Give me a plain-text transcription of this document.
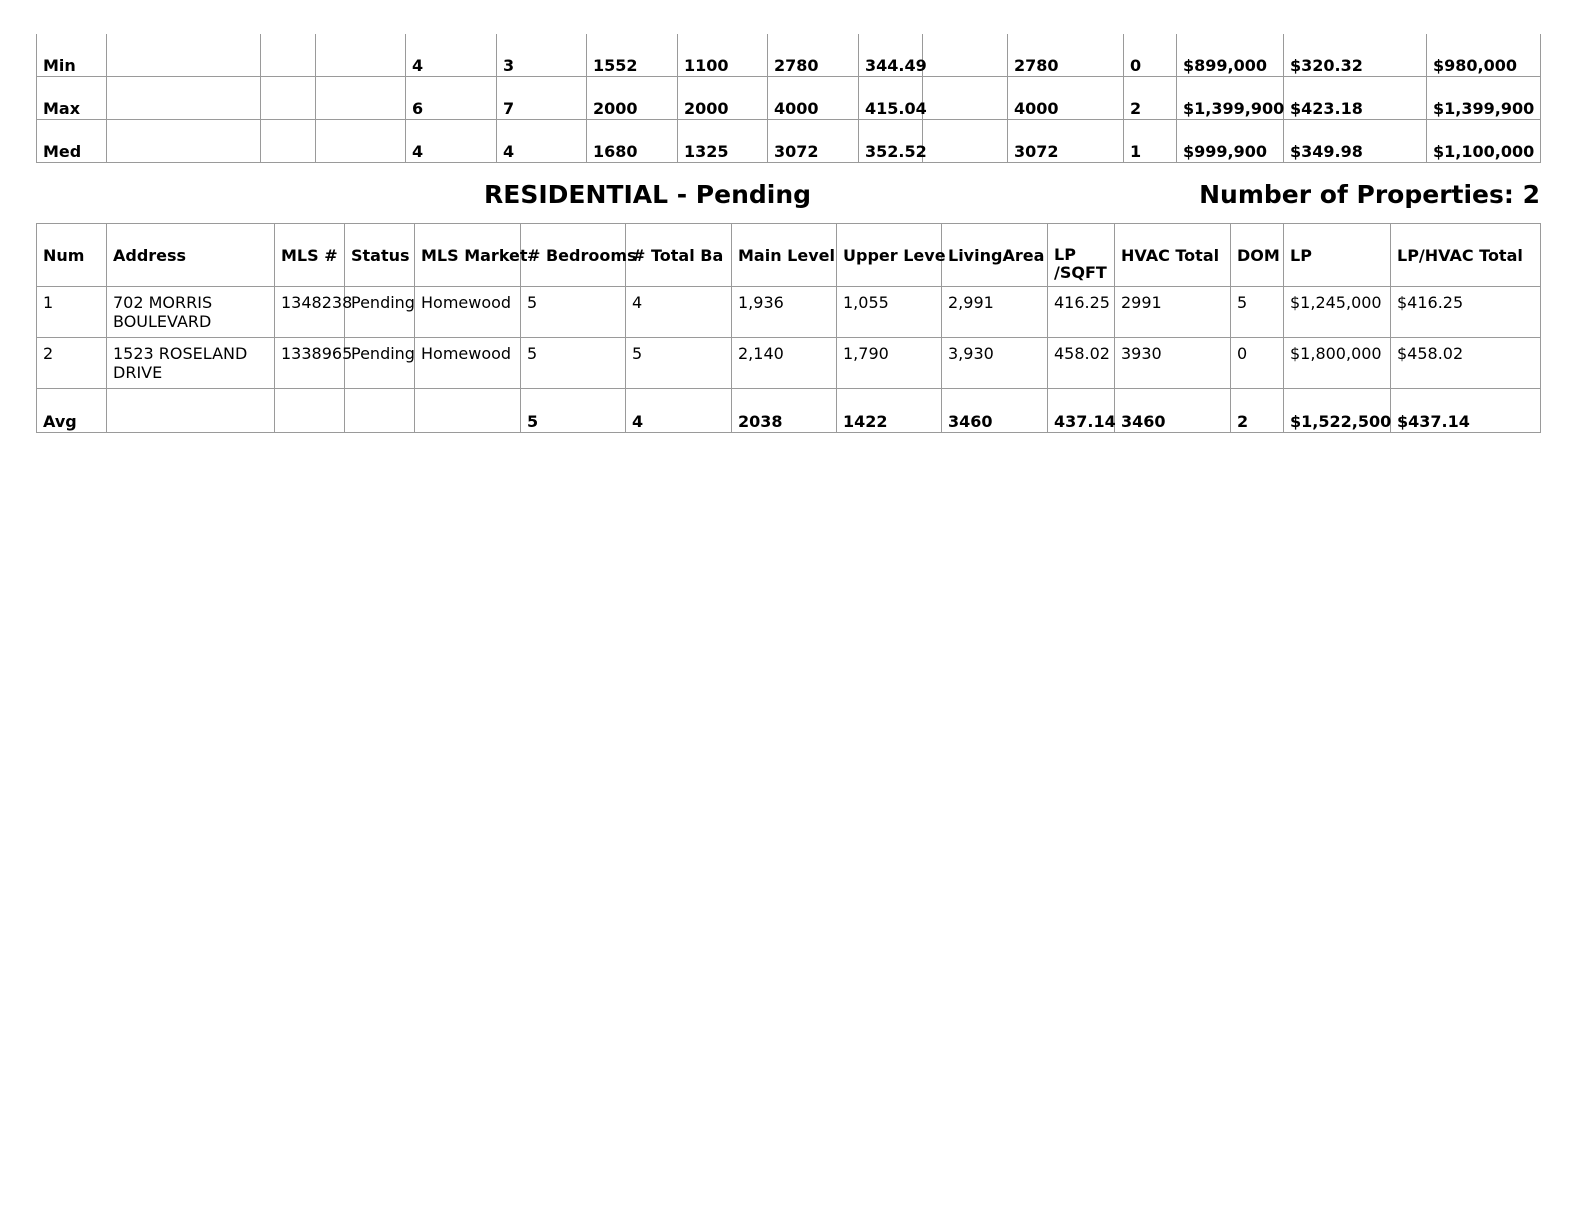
Min				4	3	1552	1100	2780	344.49		2780	0	$899,000	$320.32	$980,000
Max				6	7	2000	2000	4000	415.04		4000	2	$1,399,900	$423.18	$1,399,900
Med				4	4	1680	1325	3072	352.52		3072	1	$999,900	$349.98	$1,100,000
RESIDENTIAL - Pending	Number of Properties: 2
Num	Address	MLS #	Status	MLS Market	# Bedrooms	# Total Ba	Main Level	Upper Leve	LivingArea	LP /SQFT	HVAC Total	DOM	LP	LP/HVAC Total
1	702 MORRIS BOULEVARD	1348238	Pending	Homewood	5	4	1,936	1,055	2,991	416.25	2991	5	$1,245,000	$416.25
2	1523 ROSELAND DRIVE	1338965	Pending	Homewood	5	5	2,140	1,790	3,930	458.02	3930	0	$1,800,000	$458.02
Avg					5	4	2038	1422	3460	437.14	3460	2	$1,522,500	$437.14
